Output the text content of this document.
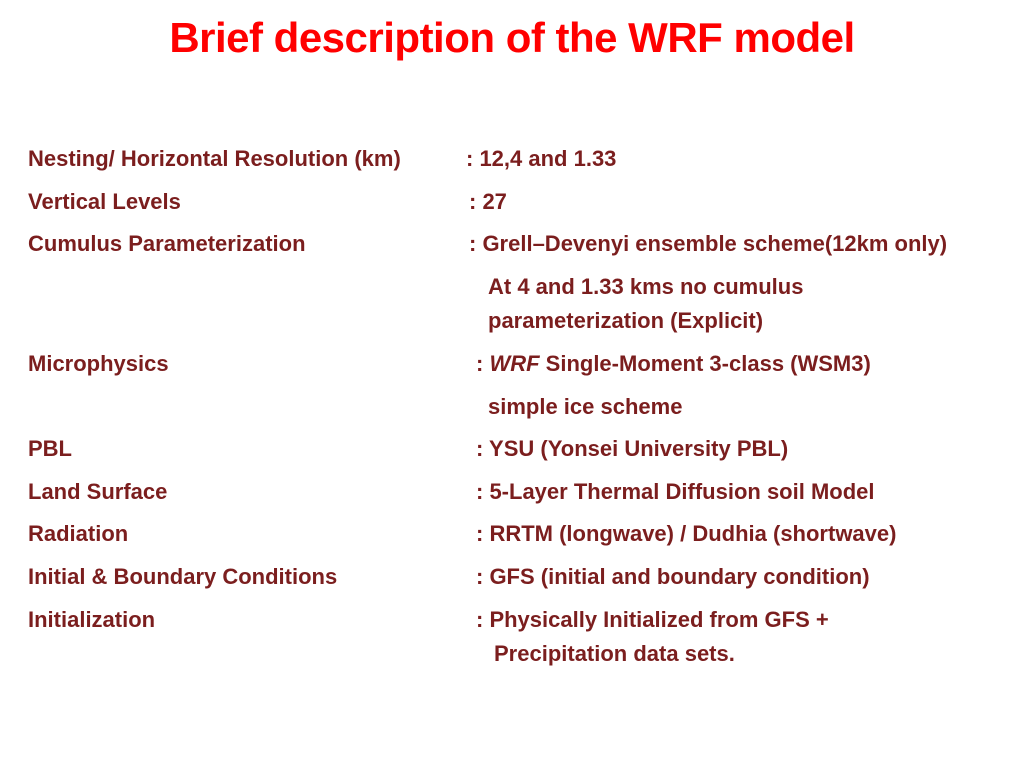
Brief description of the WRF model
Nesting/ Horizontal Resolution (km)	: 12,4 and 1.33
Vertical Levels	: 27
Cumulus Parameterization	: Grell–Devenyi ensemble scheme(12km only)
At 4 and 1.33 kms no cumulus
parameterization (Explicit)
Microphysics	: WRF Single-Moment 3-class (WSM3)
simple ice scheme
PBL	: YSU (Yonsei University PBL)
Land Surface	: 5-Layer Thermal Diffusion soil Model
Radiation	: RRTM (longwave) / Dudhia (shortwave)
Initial & Boundary Conditions	: GFS (initial and boundary condition)
Initialization	: Physically Initialized from GFS +
Precipitation data sets.
